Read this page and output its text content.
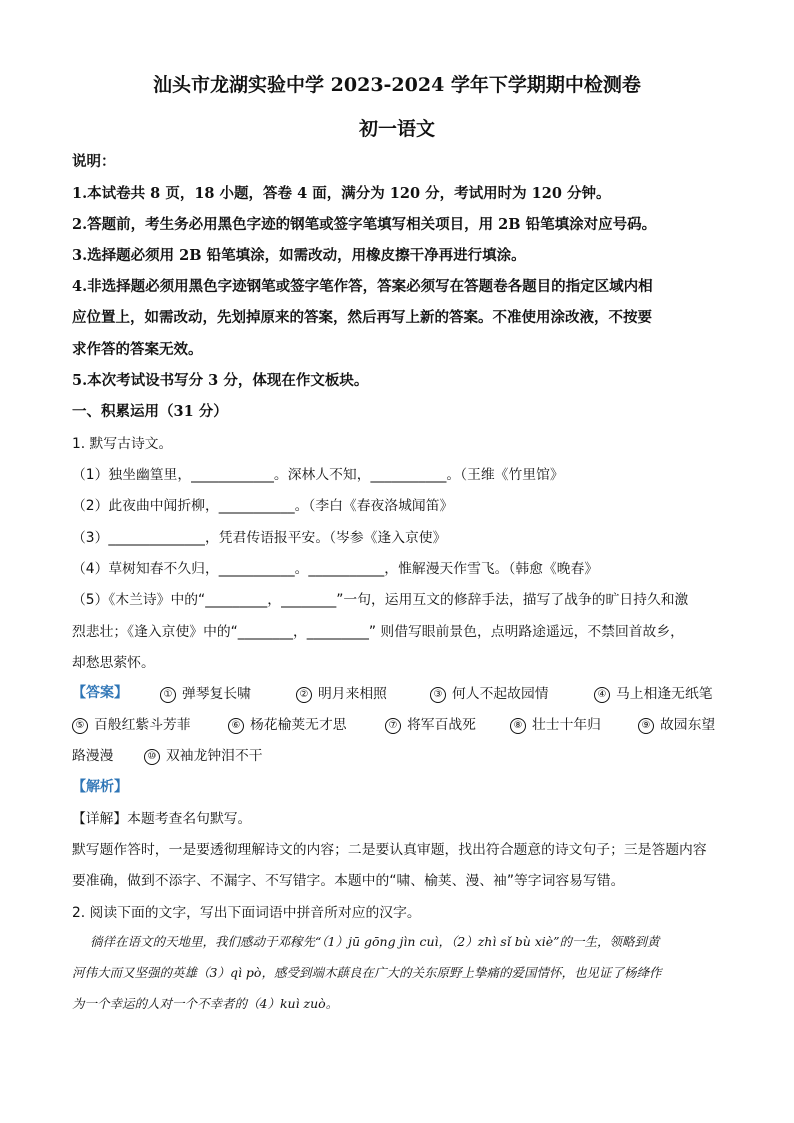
汕头市龙湖实验中学 2023-2024 学年下学期期中检测卷
初一语文
说明：
1.本试卷共 8 页，18 小题，答卷 4 面，满分为 120 分，考试用时为 120 分钟。
2.答题前，考生务必用黑色字迹的钢笔或签字笔填写相关项目，用 2B 铅笔填涂对应号码。
3.选择题必须用 2B 铅笔填涂，如需改动，用橡皮擦干净再进行填涂。
4.非选择题必须用黑色字迹钢笔或签字笔作答，答案必须写在答题卷各题目的指定区域内相
应位置上，如需改动，先划掉原来的答案，然后再写上新的答案。不准使用涂改液，不按要
求作答的答案无效。
5.本次考试设书写分 3 分，体现在作文板块。
一、积累运用（31 分）
1. 默写古诗文。
（1）独坐幽篁里，____________。深林人不知，___________。（王维《竹里馆》
（2）此夜曲中闻折柳，___________。（李白《春夜洛城闻笛》
（3）______________，凭君传语报平安。（岑参《逢入京使》
（4）草树知春不久归，___________。___________，惟解漫天作雪飞。（韩愈《晚春》
（5）《木兰诗》中的“_________，________”一句，运用互文的修辞手法，描写了战争的旷日持久和激
烈悲壮；《逢入京使》中的“________，_________” 则借写眼前景色，点明路途遥远，不禁回首故乡，
却愁思萦怀。
【答案】	① 弹琴复长啸	② 明月来相照	③ 何人不起故园情	④ 马上相逢无纸笔
⑤ 百般红紫斗芳菲	⑥ 杨花榆荚无才思	⑦ 将军百战死	⑧ 壮士十年归	⑨ 故园东望
路漫漫	⑩ 双袖龙钟泪不干
【解析】
【详解】本题考查名句默写。
默写题作答时，一是要透彻理解诗文的内容；二是要认真审题，找出符合题意的诗文句子；三是答题内容
要准确，做到不添字、不漏字、不写错字。本题中的“啸、榆荚、漫、袖”等字词容易写错。
2. 阅读下面的文字，写出下面词语中拼音所对应的汉字。
徜徉在语文的天地里，我们感动于邓稼先“（1）jū gōng jìn cuì，（2）zhì sǐ bù xiè”的一生，领略到黄
河伟大而又坚强的英雄（3）qì pò，感受到端木蕻良在广大的关东原野上挚痛的爱国情怀，也见证了杨绛作
为一个幸运的人对一个不幸者的（4）kuì zuò。
